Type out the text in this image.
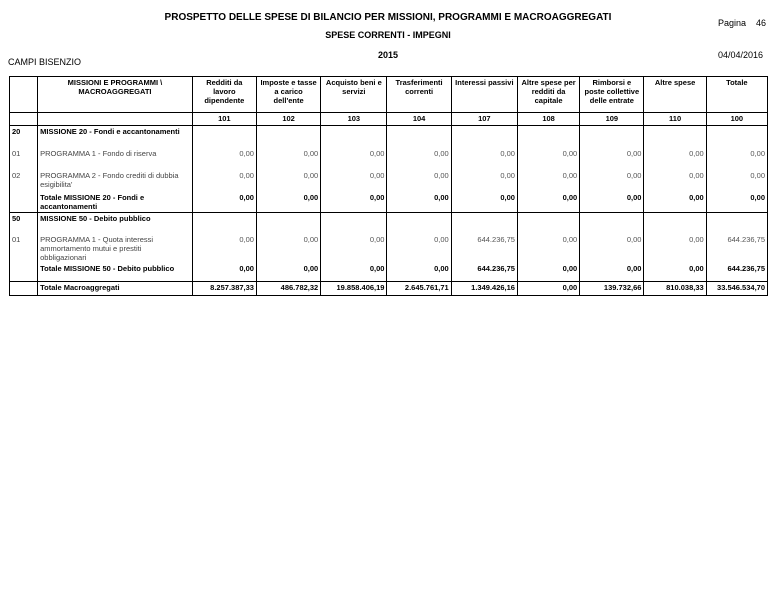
PROSPETTO DELLE SPESE DI BILANCIO PER MISSIONI, PROGRAMMI E MACROAGGREGATI
SPESE CORRENTI - IMPEGNI
Pagina 46
2015	04/04/2016
CAMPI BISENZIO
	MISSIONI E PROGRAMMI \ MACROAGGREGATI	Redditi da lavoro dipendente	Imposte e tasse a carico dell'ente	Acquisto beni e servizi	Trasferimenti correnti	Interessi passivi	Altre spese per redditi da capitale	Rimborsi e poste collettive delle entrate	Altre spese	Totale
		101	102	103	104	107	108	109	110	100
20	MISSIONE 20 - Fondi e accantonamenti									
01	PROGRAMMA 1 - Fondo di riserva	0,00	0,00	0,00	0,00	0,00	0,00	0,00	0,00	0,00
02	PROGRAMMA 2 - Fondo crediti di dubbia esigibilita'	0,00	0,00	0,00	0,00	0,00	0,00	0,00	0,00	0,00
	Totale MISSIONE 20 - Fondi e accantonamenti	0,00	0,00	0,00	0,00	0,00	0,00	0,00	0,00	0,00
50	MISSIONE 50 - Debito pubblico									
01	PROGRAMMA 1 - Quota interessi ammortamento mutui e prestiti obbligazionari	0,00	0,00	0,00	0,00	644.236,75	0,00	0,00	0,00	644.236,75
	Totale MISSIONE 50 - Debito pubblico	0,00	0,00	0,00	0,00	644.236,75	0,00	0,00	0,00	644.236,75
	Totale Macroaggregati	8.257.387,33	486.782,32	19.858.406,19	2.645.761,71	1.349.426,16	0,00	139.732,66	810.038,33	33.546.534,70
